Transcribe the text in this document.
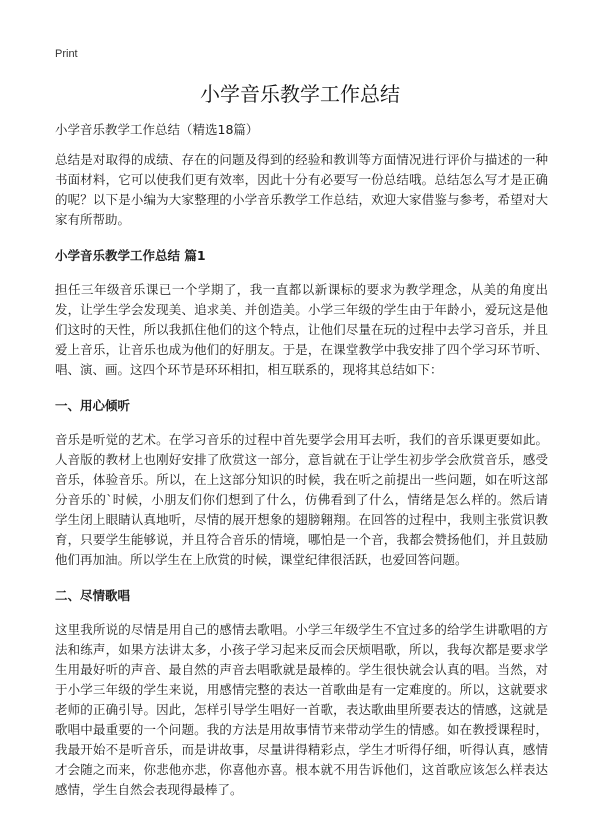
Print
小学音乐教学工作总结

小学音乐教学工作总结（精选18篇）

总结是对取得的成绩、存在的问题及得到的经验和教训等方面情况进行评价与描述的一种书面材料，它可以使我们更有效率，因此十分有必要写一份总结哦。总结怎么写才是正确的呢？以下是小编为大家整理的小学音乐教学工作总结，欢迎大家借鉴与参考，希望对大家有所帮助。

小学音乐教学工作总结 篇1

担任三年级音乐课已一个学期了，我一直都以新课标的要求为教学理念，从美的角度出发，让学生学会发现美、追求美、并创造美。小学三年级的学生由于年龄小，爱玩这是他们这时的天性，所以我抓住他们的这个特点，让他们尽量在玩的过程中去学习音乐，并且爱上音乐，让音乐也成为他们的好朋友。于是，在课堂教学中我安排了四个学习环节听、唱、演、画。这四个环节是环环相扣，相互联系的，现将其总结如下：

一、用心倾听

音乐是听觉的艺术。在学习音乐的过程中首先要学会用耳去听，我们的音乐课更要如此。人音版的教材上也刚好安排了欣赏这一部分，意旨就在于让学生初步学会欣赏音乐，感受音乐，体验音乐。所以，在上这部分知识的时候，我在听之前提出一些问题，如在听这部分音乐的`时候，小朋友们你们想到了什么，仿佛看到了什么，情绪是怎么样的。然后请学生闭上眼睛认真地听，尽情的展开想象的翅膀翱翔。在回答的过程中，我则主张赏识教育，只要学生能够说，并且符合音乐的情境，哪怕是一个音，我都会赞扬他们，并且鼓励他们再加油。所以学生在上欣赏的时候，课堂纪律很活跃，也爱回答问题。

二、尽情歌唱

这里我所说的尽情是用自己的感情去歌唱。小学三年级学生不宜过多的给学生讲歌唱的方法和练声，如果方法讲太多，小孩子学习起来反而会厌烦唱歌，所以，我每次都是要求学生用最好听的声音、最自然的声音去唱歌就是最棒的。学生很快就会认真的唱。当然，对于小学三年级的学生来说，用感情完整的表达一首歌曲是有一定难度的。所以，这就要求老师的正确引导。因此，怎样引导学生唱好一首歌，表达歌曲里所要表达的情感，这就是歌唱中最重要的一个问题。我的方法是用故事情节来带动学生的情感。如在教授课程时，我最开始不是听音乐，而是讲故事，尽量讲得精彩点，学生才听得仔细，听得认真，感情才会随之而来，你悲他亦悲，你喜他亦喜。根本就不用告诉他们，这首歌应该怎么样表达感情，学生自然会表现得最棒了。
